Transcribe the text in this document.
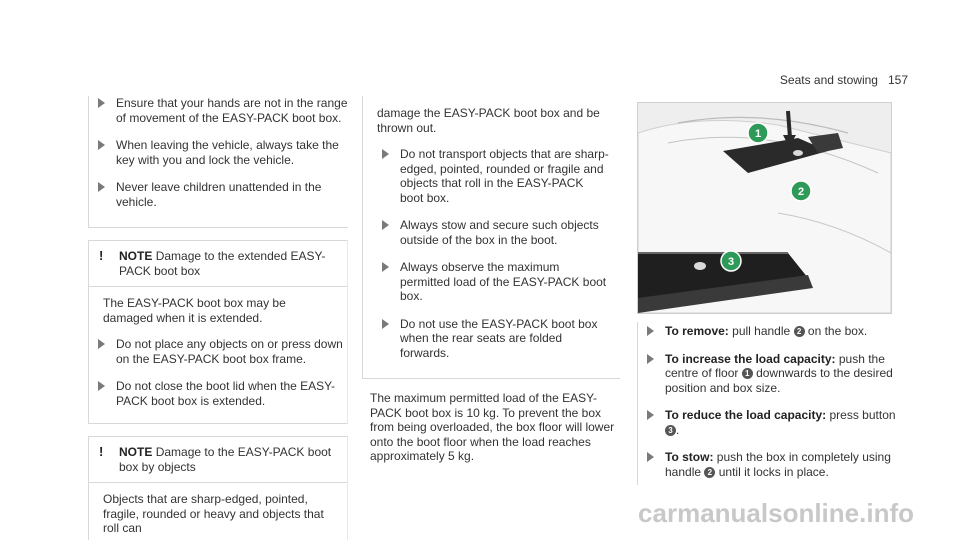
Seats and stowing 157
Ensure that your hands are not in the range of movement of the EASY-PACK boot box.
When leaving the vehicle, always take the key with you and lock the vehicle.
Never leave children unattended in the vehicle.
! NOTE Damage to the extended EASY-PACK boot box

The EASY-PACK boot box may be damaged when it is extended.

Do not place any objects on or press down on the EASY-PACK boot box frame.
Do not close the boot lid when the EASY-PACK boot box is extended.
! NOTE Damage to the EASY-PACK boot box by objects

Objects that are sharp-edged, pointed, fragile, rounded or heavy and objects that roll can

damage the EASY-PACK boot box and be thrown out.

Do not transport objects that are sharp-edged, pointed, rounded or fragile and objects that roll in the EASY-PACK boot box.
Always stow and secure such objects outside of the box in the boot.
Always observe the maximum permitted load of the EASY-PACK boot box.
Do not use the EASY-PACK boot box when the rear seats are folded forwards.

The maximum permitted load of the EASY-PACK boot box is 10 kg. To prevent the box from being overloaded, the box floor will lower onto the boot floor when the load reaches approximately 5 kg.

1
2
3
To remove: pull handle 2 on the box.
To increase the load capacity: push the centre of floor 1 downwards to the desired position and box size.
To reduce the load capacity: press button 3 .
To stow: push the box in completely using handle 2 until it locks in place.
carmanualsonline.info
